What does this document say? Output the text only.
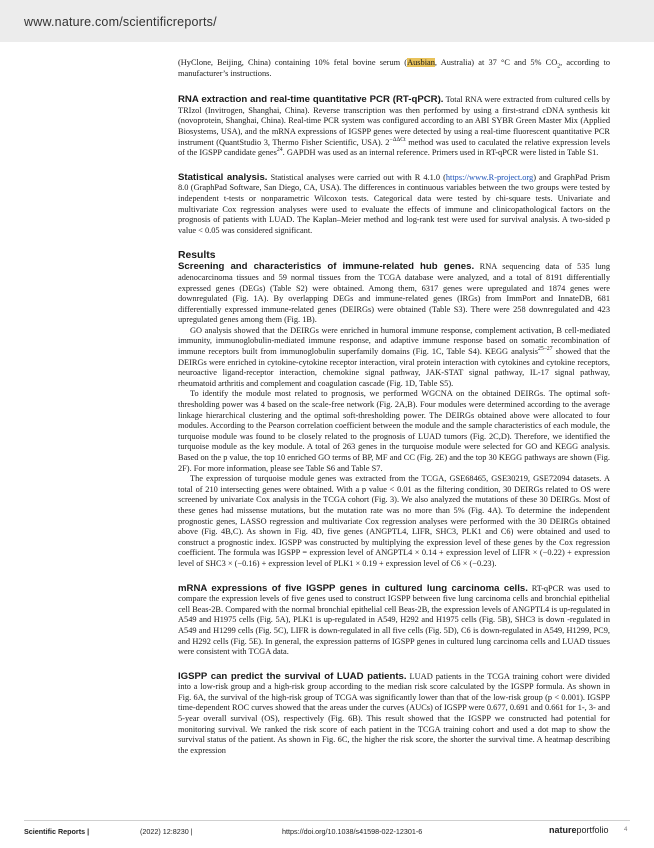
www.nature.com/scientificreports/

(HyClone, Beijing, China) containing 10% fetal bovine serum (Ausbian, Australia) at 37 °C and 5% $CO_2$, according to manufacturer’s instructions.

RNA extraction and real-time quantitative PCR (RT-qPCR). Total RNA were extracted from cultured cells by TRIzol (Invitrogen, Shanghai, China). Reverse transcription was then performed by using a first-strand cDNA synthesis kit (novoprotein, Shanghai, China). Real-time PCR system was configured according to an ABI SYBR Green Master Mix (Applied Biosystems, USA), and the mRNA expressions of IGSPP genes were detected by using a real-time fluorescent quantitative PCR instrument (QuantStudio 3, Thermo Fisher Scientific, USA). $2^{-\Delta\Delta Ct}$ method was used to caculated the relative expression levels of the IGSPP candidate genes$^{24}$. GAPDH was used as an internal reference. Primers used in RT-qPCR were listed in Table S1.

Statistical analysis. Statistical analyses were carried out with R 4.1.0 (https://www.R-project.org) and GraphPad Prism 8.0 (GraphPad Software, San Diego, CA, USA). The differences in continuous variables between the two groups were tested by independent t-tests or nonparametric Wilcoxon tests. Categorical data were tested by chi-square tests. Univariate and multivariate Cox regression analyses were used to evaluate the effects of immune and clinicopathological factors on the prognosis of patients with LUAD. The Kaplan–Meier method and log-rank test were used for survival analysis. A two-sided p value < 0.05 was considered significant.

Results

Screening and characteristics of immune-related hub genes. RNA sequencing data of 535 lung adenocarcinoma tissues and 59 normal tissues from the TCGA database were analyzed, and a total of 8191 differentially expressed genes (DEGs) (Table S2) were obtained. Among them, 6317 genes were upregulated and 1874 genes were downregulated (Fig. 1A). By overlapping DEGs and immune-related genes (IRGs) from ImmPort and InnateDB, 681 differentially expressed immune-related genes (DEIRGs) were obtained (Table S3). There were 258 downregulated and 423 upregulated genes among them (Fig. 1B).

GO analysis showed that the DEIRGs were enriched in humoral immune response, complement activation, B cell-mediated immunity, immunoglobulin-mediated immune response, and adaptive immune response based on somatic recombination of immune receptors built from immunoglobulin superfamily domains (Fig. 1C, Table S4). KEGG analysis$^{25-27}$ showed that the DEIRGs were enriched in cytokine-cytokine receptor interaction, viral protein interaction with cytokines and cytokine receptors, neuroactive ligand-receptor interaction, chemokine signal pathway, JAK-STAT signal pathway, IL-17 signal pathway, rheumatoid arthritis and complement and coagulation cascade (Fig. 1D, Table S5).

To identify the module most related to prognosis, we performed WGCNA on the obtained DEIRGs. The optimal soft-thresholding power was 4 based on the scale-free network (Fig. 2A,B). Four modules were determined according to the average linkage hierarchical clustering and the optimal soft-thresholding power. The DEIRGs obtained above were allocated to four modules. According to the Pearson correlation coefficient between the module and the sample characteristics of each module, the turquoise module was found to be closely related to the prognosis of LUAD tumors (Fig. 2C,D). Therefore, we identified the turquoise module as the key module. A total of 263 genes in the turquoise module were selected for GO and KEGG analysis. Based on the p value, the top 10 enriched GO terms of BP, MF and CC (Fig. 2E) and the top 30 KEGG pathways are shown (Fig. 2F). For more information, please see Table S6 and Table S7.

The expression of turquoise module genes was extracted from the TCGA, GSE68465, GSE30219, GSE72094 datasets. A total of 210 intersecting genes were obtained. With a p value < 0.01 as the filtering condition, 30 DEIRGs related to OS were screened by univariate Cox analysis in the TCGA cohort (Fig. 3). We also analyzed the mutations of these 30 DEIRGs. Most of these genes had missense mutations, but the mutation rate was no more than 5% (Fig. 4A). To determine the independent prognostic genes, LASSO regression and multivariate Cox regression analyses were performed with the 30 DEIRGs obtained above (Fig. 4B,C). As shown in Fig. 4D, five genes (ANGPTL4, LIFR, SHC3, PLK1 and C6) were obtained and used to construct a prognostic index. IGSPP was constructed by multiplying the expression level of these genes by the Cox regression coefficient. The formula was IGSPP = expression level of ANGPTL4 × 0.14 + expression level of LIFR × (−0.22) + expression level of SHC3 × (−0.16) + expression level of PLK1 × 0.19 + expression level of C6 × (−0.23).

mRNA expressions of five IGSPP genes in cultured lung carcinoma cells. RT-qPCR was used to compare the expression levels of five genes used to construct IGSPP between five lung carcinoma cells and bronchial epithelial cell Beas-2B. Compared with the normal bronchial epithelial cell Beas-2B, the expression levels of ANGPTL4 is up-regulated in A549 and H1975 cells (Fig. 5A), PLK1 is up-regulated in A549, H292 and H1975 cells (Fig. 5B), SHC3 is down -regulated in A549 and H1299 cells (Fig. 5C), LIFR is down-regulated in all five cells (Fig. 5D), C6 is down-regulated in A549, H1299, PC9, and H292 cells (Fig. 5E). In general, the expression patterns of IGSPP genes in cultured lung carcinoma cells and LUAD tissues were consistent with TCGA data.

IGSPP can predict the survival of LUAD patients. LUAD patients in the TCGA training cohort were divided into a low-risk group and a high-risk group according to the median risk score calculated by the IGSPP formula. As shown in Fig. 6A, the survival of the high-risk group of TCGA was significantly lower than that of the low-risk group (p < 0.001). IGSPP time-dependent ROC curves showed that the areas under the curves (AUCs) of IGSPP were 0.677, 0.691 and 0.661 for 1-, 3- and 5-year overall survival (OS), respectively (Fig. 6B). This result showed that the IGSPP we constructed had potential for monitoring survival. We ranked the risk score of each patient in the TCGA training cohort and used a dot map to show the survival status of the patient. As shown in Fig. 6C, the higher the risk score, the shorter the survival time. A heatmap describing the expression

Scientific Reports |	(2022) 12:8230 |	https://doi.org/10.1038/s41598-022-12301-6	natureportfolio	4
